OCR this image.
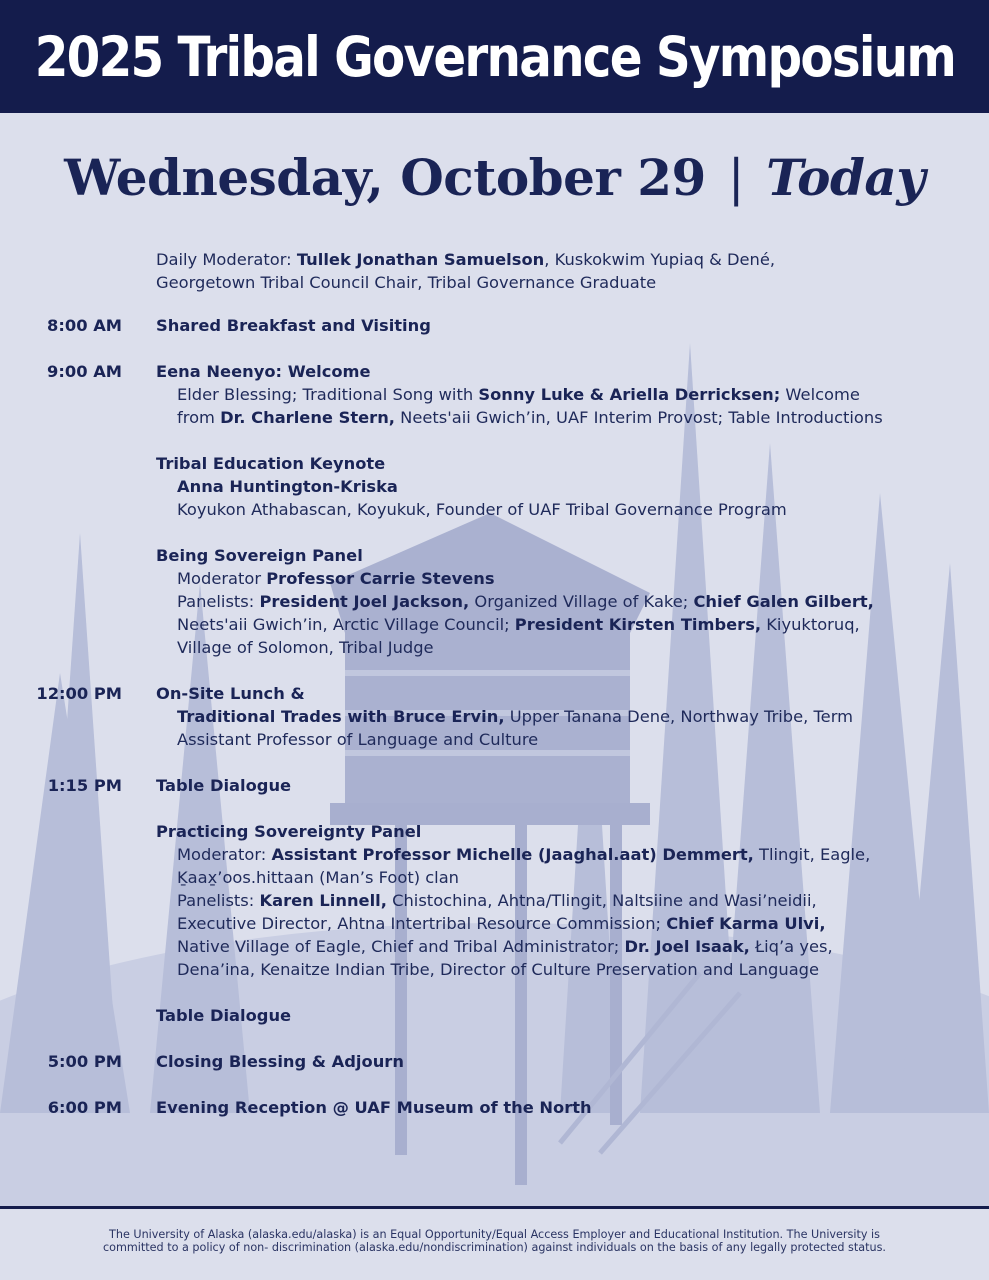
2025 Tribal Governance Symposium
Wednesday, October 29 | Today
Daily Moderator: Tullek Jonathan Samuelson, Kuskokwim Yupiaq & Dené,
Georgetown Tribal Council Chair, Tribal Governance Graduate
8:00 AM Shared Breakfast and Visiting
9:00 AM Eena Neenyo: Welcome
Elder Blessing; Traditional Song with Sonny Luke & Ariella Derricksen; Welcome
from Dr. Charlene Stern, Neets'aii Gwich’in, UAF Interim Provost; Table Introductions
Tribal Education Keynote
Anna Huntington-Kriska
Koyukon Athabascan, Koyukuk, Founder of UAF Tribal Governance Program
Being Sovereign Panel
Moderator Professor Carrie Stevens
Panelists: President Joel Jackson, Organized Village of Kake; Chief Galen Gilbert,
Neets'aii Gwich’in, Arctic Village Council; President Kirsten Timbers, Kiyuktoruq,
Village of Solomon, Tribal Judge
12:00 PM On-Site Lunch &
Traditional Trades with Bruce Ervin, Upper Tanana Dene, Northway Tribe, Term
Assistant Professor of Language and Culture
1:15 PM Table Dialogue
Practicing Sovereignty Panel
Moderator: Assistant Professor Michelle (Jaaghal.aat) Demmert, Tlingit, Eagle,
Ḵaax̱’oos.hittaan (Man’s Foot) clan
Panelists: Karen Linnell, Chistochina, Ahtna/Tlingit, Naltsiine and Wasi’neidii,
Executive Director, Ahtna Intertribal Resource Commission; Chief Karma Ulvi,
Native Village of Eagle, Chief and Tribal Administrator; Dr. Joel Isaak, Łiq’a yes,
Dena’ina, Kenaitze Indian Tribe, Director of Culture Preservation and Language
Table Dialogue
5:00 PM Closing Blessing & Adjourn
6:00 PM Evening Reception @ UAF Museum of the North
The University of Alaska (alaska.edu/alaska) is an Equal Opportunity/Equal Access Employer and Educational Institution. The University is
committed to a policy of non- discrimination (alaska.edu/nondiscrimination) against individuals on the basis of any legally protected status.
